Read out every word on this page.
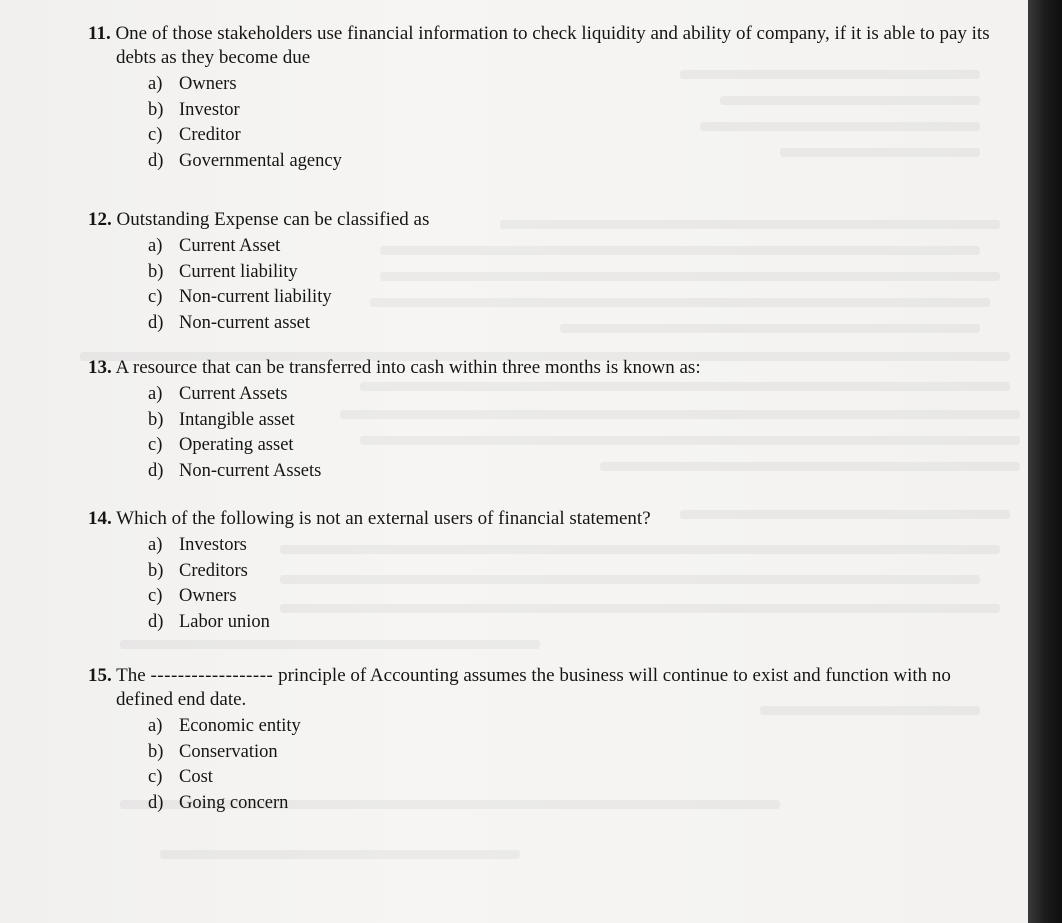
11. One of those stakeholders use financial information to check liquidity and ability of company, if it is able to pay its debts as they become due

a) Owners
b) Investor
c) Creditor
d) Governmental agency

12. Outstanding Expense can be classified as

a) Current Asset
b) Current liability
c) Non-current liability
d) Non-current asset

13. A resource that can be transferred into cash within three months is known as:

a) Current Assets
b) Intangible asset
c) Operating asset
d) Non-current Assets

14. Which of the following is not an external users of financial statement?

a) Investors
b) Creditors
c) Owners
d) Labor union

15. The ------------------ principle of Accounting assumes the business will continue to exist and function with no defined end date.

a) Economic entity
b) Conservation
c) Cost
d) Going concern
